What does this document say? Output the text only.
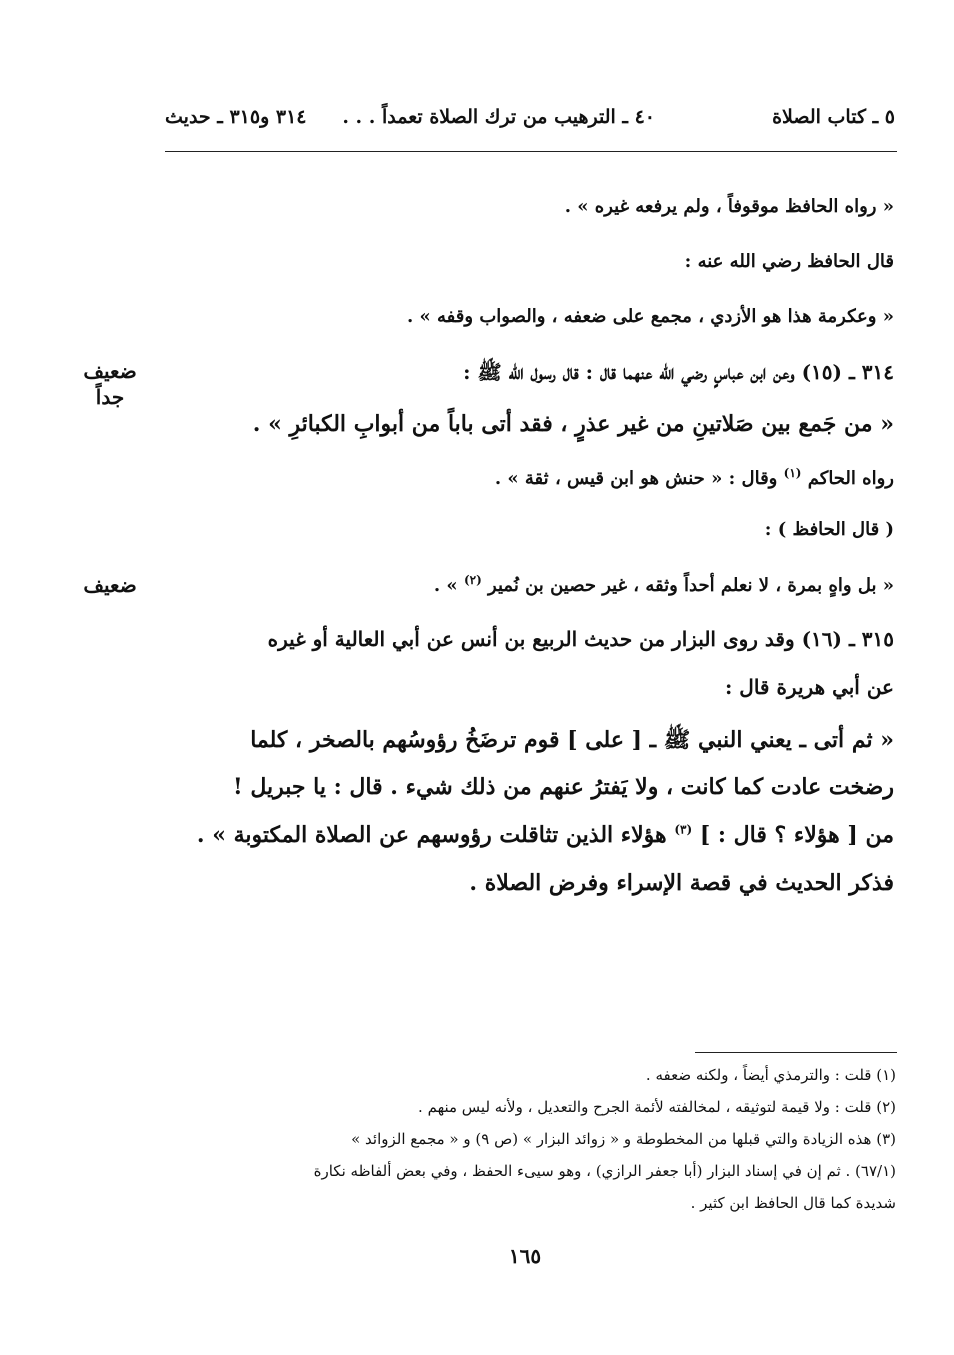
٥ ـ كتاب الصلاة
٤٠ ـ الترهيب من ترك الصلاة تعمداً . . .
٣١٤ و٣١٥ ـ حديث
« رواه الحافظ موقوفاً ، ولم يرفعه غيره » .
قال الحافظ رضي الله عنه :
« وعكرمة هذا هو الأزدي ، مجمع على ضعفه ، والصواب وقفه » .
٣١٤ ـ (١٥) وعن ابن عباسٍ رضي الله عنهما قال : قال رسول الله ﷺ :
« من جَمع بين صَلاتينِ من غير عذرٍ ، فقد أتى باباً من أبوابِ الكبائرِ » .
رواه الحاكم $^{(١)}$ وقال : « حنش هو ابن قيس ، ثقة » .
( قال الحافظ ) :
« بل واهٍ بمرة ، لا نعلم أحداً وثقه ، غير حصين بن نُمير $^{(٢)}$ » .
٣١٥ ـ (١٦) وقد روى البزار من حديث الربيع بن أنس عن أبي العالية أو غيره
عن أبي هريرة قال :
« ثم أتى ـ يعني النبي ﷺ ـ [ على ] قوم ترضَخُ رؤوسُهم بالصخر ، كلما
رضخت عادت كما كانت ، ولا يَفترُ عنهم من ذلك شيء . قال : يا جبريل !
من [ هؤلاء ؟ قال : ] $^{(٣)}$ هؤلاء الذين تثاقلت رؤوسهم عن الصلاة المكتوبة » .
فذكر الحديث في قصة الإسراء وفرض الصلاة .
ضعيف
جداً
ضعيف
(١) قلت : والترمذي أيضاً ، ولكنه ضعفه .
(٢) قلت : ولا قيمة لتوثيقه ، لمخالفته لأئمة الجرح والتعديل ، ولأنه ليس منهم .
(٣) هذه الزيادة والتي قبلها من المخطوطة و « زوائد البزار » (ص ٩) و « مجمع الزوائد »
(٦٧/١) . ثم إن في إسناد البزار (أبا جعفر الرازي) ، وهو سيىء الحفظ ، وفي بعض ألفاظه نكارة
شديدة كما قال الحافظ ابن كثير .
١٦٥
